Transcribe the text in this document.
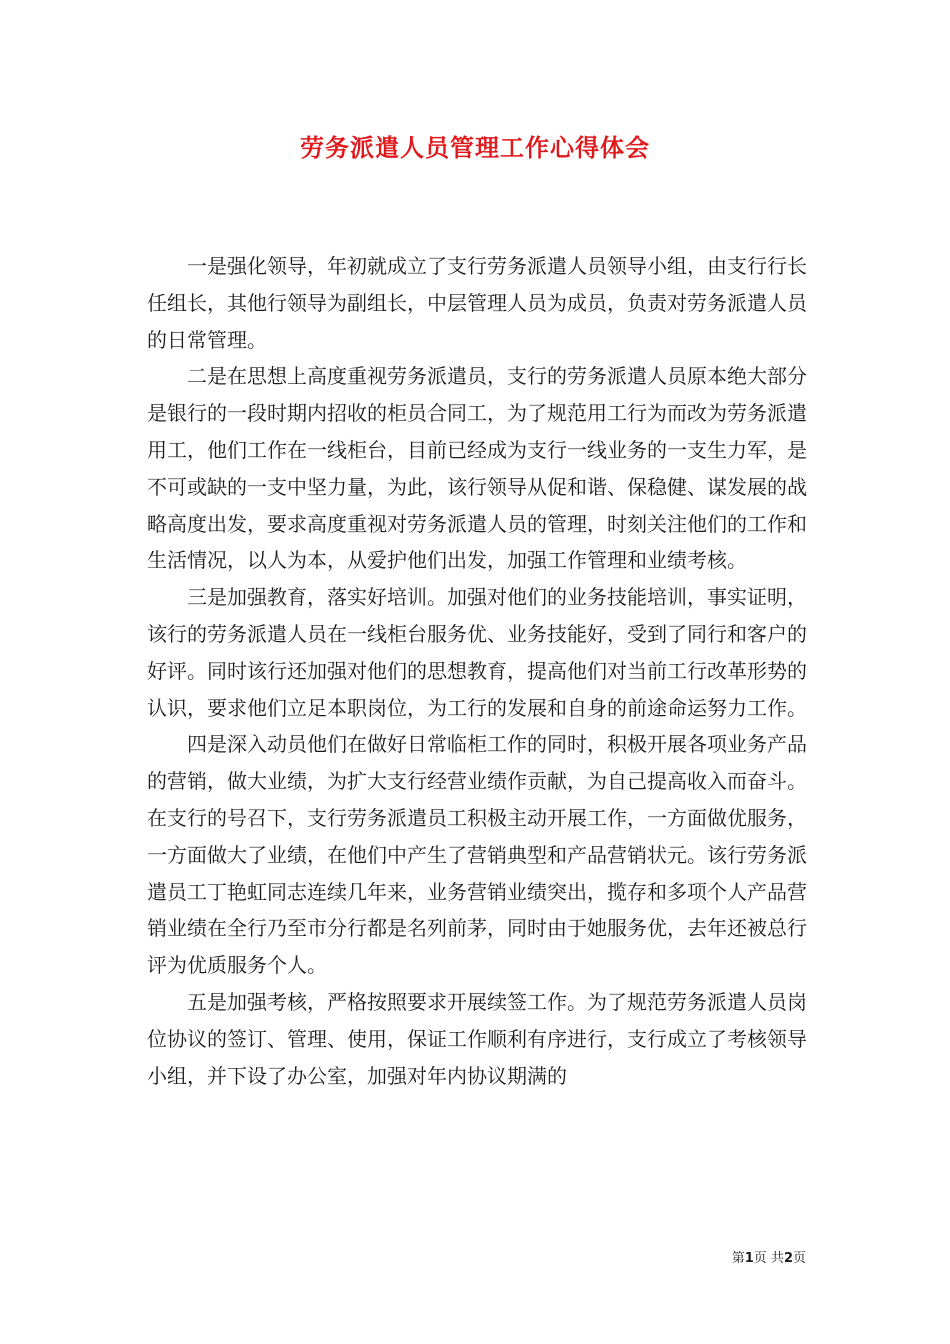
劳务派遣人员管理工作心得体会

一是强化领导，年初就成立了支行劳务派遣人员领导小组，由支行行长任组长，其他行领导为副组长，中层管理人员为成员，负责对劳务派遣人员的日常管理。

二是在思想上高度重视劳务派遣员，支行的劳务派遣人员原本绝大部分是银行的一段时期内招收的柜员合同工，为了规范用工行为而改为劳务派遣用工，他们工作在一线柜台，目前已经成为支行一线业务的一支生力军，是不可或缺的一支中坚力量，为此，该行领导从促和谐、保稳健、谋发展的战略高度出发，要求高度重视对劳务派遣人员的管理，时刻关注他们的工作和生活情况，以人为本，从爱护他们出发，加强工作管理和业绩考核。

三是加强教育，落实好培训。加强对他们的业务技能培训，事实证明，该行的劳务派遣人员在一线柜台服务优、业务技能好，受到了同行和客户的好评。同时该行还加强对他们的思想教育，提高他们对当前工行改革形势的认识，要求他们立足本职岗位，为工行的发展和自身的前途命运努力工作。

四是深入动员他们在做好日常临柜工作的同时，积极开展各项业务产品的营销，做大业绩，为扩大支行经营业绩作贡献，为自己提高收入而奋斗。在支行的号召下，支行劳务派遣员工积极主动开展工作，一方面做优服务，一方面做大了业绩，在他们中产生了营销典型和产品营销状元。该行劳务派遣员工丁艳虹同志连续几年来，业务营销业绩突出，揽存和多项个人产品营销业绩在全行乃至市分行都是名列前茅，同时由于她服务优，去年还被总行评为优质服务个人。

五是加强考核，严格按照要求开展续签工作。为了规范劳务派遣人员岗位协议的签订、管理、使用，保证工作顺利有序进行，支行成立了考核领导小组，并下设了办公室，加强对年内协议期满的

第1页 共2页
